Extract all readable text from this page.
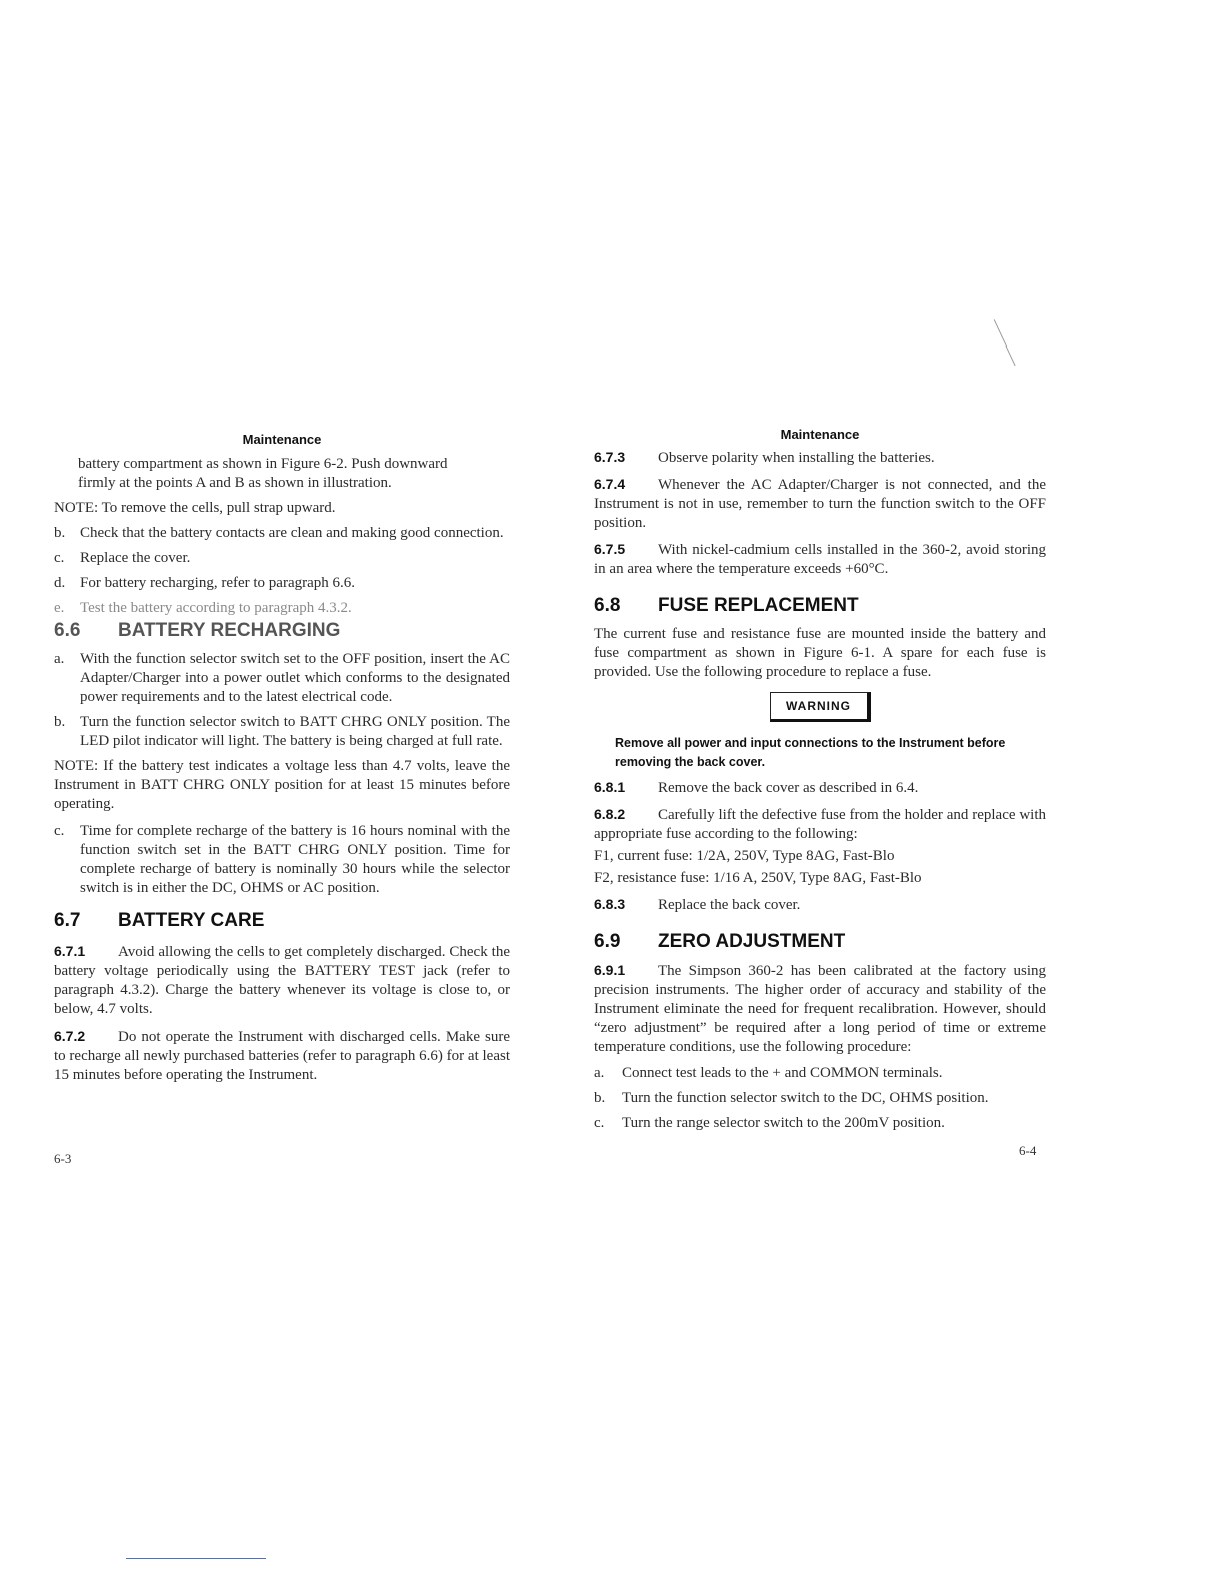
Maintenance

battery compartment as shown in Figure 6-2. Push downward

firmly at the points A and B as shown in illustration.

NOTE: To remove the cells, pull strap upward.

b. Check that the battery contacts are clean and making good connection.
c.	Replace the cover.
d. For battery recharging, refer to paragraph 6.6.
e.	Test the battery according to paragraph 4.3.2.
6.6	BATTERY RECHARGING
a.	With the function selector switch set to the OFF position, insert the AC Adapter/Charger into a power outlet which conforms to the designated power requirements and to the latest electrical code.
b. Turn the function selector switch to BATT CHRG ONLY position. The LED pilot indicator will light. The battery is being charged at full rate.

NOTE: If the battery test indicates a voltage less than 4.7 volts, leave the Instrument in BATT CHRG ONLY position for at least 15 minutes before operating.

c.	Time for complete recharge of the battery is 16 hours nominal with the function switch set in the BATT CHRG ONLY position. Time for complete recharge of battery is nominally 30 hours while the selector switch is in either the DC, OHMS or AC position.
6.7	BATTERY CARE

6.7.1 Avoid allowing the cells to get completely discharged. Check the battery voltage periodically using the BATTERY TEST jack (refer to paragraph 4.3.2). Charge the battery whenever its voltage is close to, or below, 4.7 volts.

6.7.2 Do not operate the Instrument with discharged cells. Make sure to recharge all newly purchased batteries (refer to paragraph 6.6) for at least 15 minutes before operating the Instrument.

6-3
Maintenance

6.7.3 Observe polarity when installing the batteries.

6.7.4 Whenever the AC Adapter/Charger is not connected, and the Instrument is not in use, remember to turn the function switch to the OFF position.

6.7.5 With nickel-cadmium cells installed in the 360-2, avoid storing in an area where the temperature exceeds +60°C.

6.8	FUSE REPLACEMENT

The current fuse and resistance fuse are mounted inside the battery and fuse compartment as shown in Figure 6-1. A spare for each fuse is provided. Use the following procedure to replace a fuse.

WARNING

Remove all power and input connections to the Instrument before removing the back cover.

6.8.1 Remove the back cover as described in 6.4.

6.8.2 Carefully lift the defective fuse from the holder and replace with appropriate fuse according to the following:

F1, current fuse: 1/2A, 250V, Type 8AG, Fast-Blo

F2, resistance fuse: 1/16 A, 250V, Type 8AG, Fast-Blo

6.8.3 Replace the back cover.

6.9	ZERO ADJUSTMENT

6.9.1 The Simpson 360-2 has been calibrated at the factory using precision instruments. The higher order of accuracy and stability of the Instrument eliminate the need for frequent recalibration. However, should “zero adjustment” be required after a long period of time or extreme temperature conditions, use the following procedure:

a.	Connect test leads to the + and COMMON terminals.
b.	Turn the function selector switch to the DC, OHMS position.
c.	Turn the range selector switch to the 200mV position.
6-4
